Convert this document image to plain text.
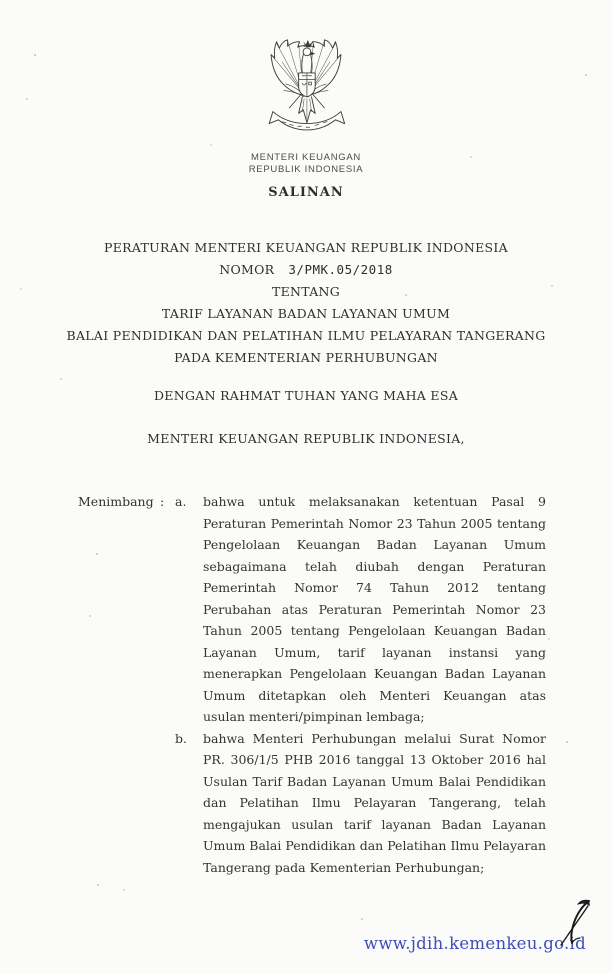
MENTERI KEUANGAN
REPUBLIK INDONESIA
SALINAN
PERATURAN MENTERI KEUANGAN REPUBLIK INDONESIA
NOMOR 3/PMK.05/2018
TENTANG
TARIF LAYANAN BADAN LAYANAN UMUM
BALAI PENDIDIKAN DAN PELATIHAN ILMU PELAYARAN TANGERANG
PADA KEMENTERIAN PERHUBUNGAN
DENGAN RAHMAT TUHAN YANG MAHA ESA
MENTERI KEUANGAN REPUBLIK INDONESIA,
Menimbang : a.	bahwa untuk melaksanakan ketentuan Pasal 9 Peraturan Pemerintah Nomor 23 Tahun 2005 tentang Pengelolaan Keuangan Badan Layanan Umum sebagaimana telah diubah dengan Peraturan Pemerintah Nomor 74 Tahun 2012 tentang Perubahan atas Peraturan Pemerintah Nomor 23 Tahun 2005 tentang Pengelolaan Keuangan Badan Layanan Umum, tarif layanan instansi yang menerapkan Pengelolaan Keuangan Badan Layanan Umum ditetapkan oleh Menteri Keuangan atas usulan menteri/pimpinan lembaga;
b.	bahwa Menteri Perhubungan melalui Surat Nomor PR. 306/1/5 PHB 2016 tanggal 13 Oktober 2016 hal Usulan Tarif Badan Layanan Umum Balai Pendidikan dan Pelatihan Ilmu Pelayaran Tangerang, telah mengajukan usulan tarif layanan Badan Layanan Umum Balai Pendidikan dan Pelatihan Ilmu Pelayaran Tangerang pada Kementerian Perhubungan;
www.jdih.kemenkeu.go.id
